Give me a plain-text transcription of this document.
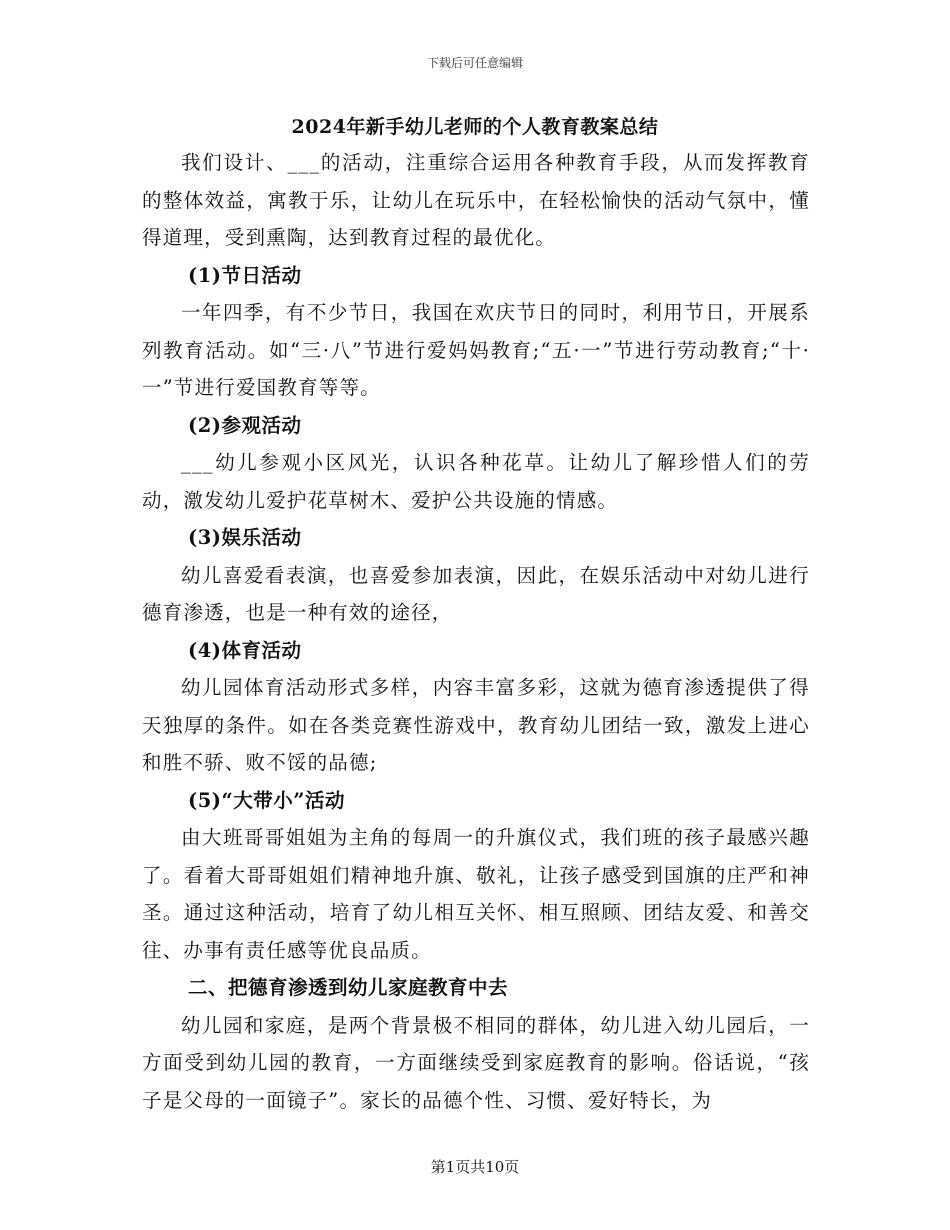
下载后可任意编辑
2024年新手幼儿老师的个人教育教案总结

我们设计、___的活动，注重综合运用各种教育手段，从而发挥教育的整体效益，寓教于乐，让幼儿在玩乐中，在轻松愉快的活动气氛中，懂得道理，受到熏陶，达到教育过程的最优化。

(1)节日活动

一年四季，有不少节日，我国在欢庆节日的同时，利用节日，开展系列教育活动。如“三·八”节进行爱妈妈教育;“五·一”节进行劳动教育;“十·一”节进行爱国教育等等。

(2)参观活动

___幼儿参观小区风光，认识各种花草。让幼儿了解珍惜人们的劳动，激发幼儿爱护花草树木、爱护公共设施的情感。

(3)娱乐活动

幼儿喜爱看表演，也喜爱参加表演，因此，在娱乐活动中对幼儿进行德育渗透，也是一种有效的途径，

(4)体育活动

幼儿园体育活动形式多样，内容丰富多彩，这就为德育渗透提供了得天独厚的条件。如在各类竞赛性游戏中，教育幼儿团结一致，激发上进心和胜不骄、败不馁的品德;

(5)“大带小”活动

由大班哥哥姐姐为主角的每周一的升旗仪式，我们班的孩子最感兴趣了。看着大哥哥姐姐们精神地升旗、敬礼，让孩子感受到国旗的庄严和神圣。通过这种活动，培育了幼儿相互关怀、相互照顾、团结友爱、和善交往、办事有责任感等优良品质。

二、把德育渗透到幼儿家庭教育中去

幼儿园和家庭，是两个背景极不相同的群体，幼儿进入幼儿园后，一方面受到幼儿园的教育，一方面继续受到家庭教育的影响。俗话说，“孩子是父母的一面镜子”。家长的品德个性、习惯、爱好特长，为

第1页共10页
